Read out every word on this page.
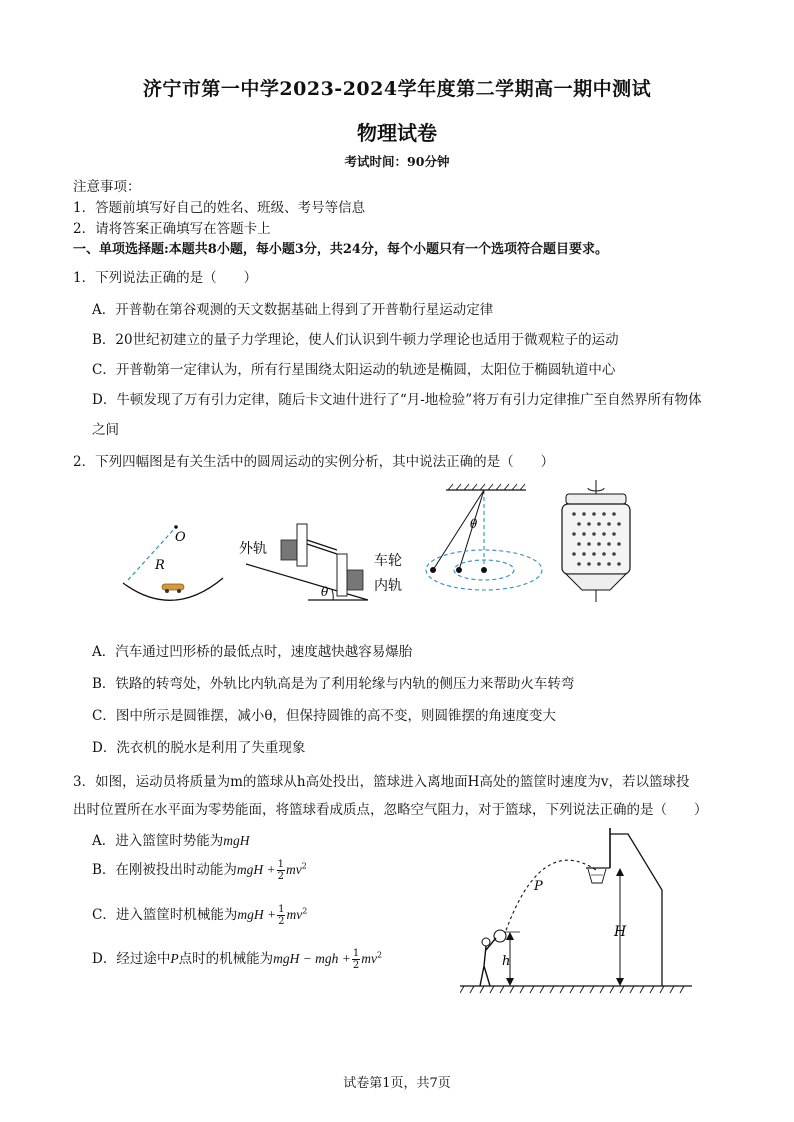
济宁市第一中学2023-2024学年度第二学期高一期中测试
物理试卷
考试时间：90分钟
注意事项：
1．答题前填写好自己的姓名、班级、考号等信息
2．请将答案正确填写在答题卡上
一、单项选择题:本题共8小题，每小题3分，共24分，每个小题只有一个选项符合题目要求。
1．下列说法正确的是（　　）
A．开普勒在第谷观测的天文数据基础上得到了开普勒行星运动定律
B．20世纪初建立的量子力学理论，使人们认识到牛顿力学理论也适用于微观粒子的运动
C．开普勒第一定律认为，所有行星围绕太阳运动的轨迹是椭圆，太阳位于椭圆轨道中心
D．牛顿发现了万有引力定律，随后卡文迪什进行了“月-地检验”将万有引力定律推广至自然界所有物体
之间
2．下列四幅图是有关生活中的圆周运动的实例分析，其中说法正确的是（　　）
O
R
θ
外轨
车轮
内轨
θ
A．汽车通过凹形桥的最低点时，速度越快越容易爆胎
B．铁路的转弯处，外轨比内轨高是为了利用轮缘与内轨的侧压力来帮助火车转弯
C．图中所示是圆锥摆，减小θ，但保持圆锥的高不变，则圆锥摆的角速度变大
D．洗衣机的脱水是利用了失重现象
3．如图，运动员将质量为m的篮球从h高处投出，篮球进入离地面H高处的篮筐时速度为v，若以篮球投
出时位置所在水平面为零势能面，将篮球看成质点，忽略空气阻力，对于篮球，下列说法正确的是（　　）
A．进入篮筐时势能为mgH
B．在刚被投出时动能为mgH + $\frac{1}{2} mv^2$
C．进入篮筐时机械能为mgH + $\frac{1}{2} mv^2$
D．经过途中P点时的机械能为mgH − mgh + $\frac{1}{2} mv^2$
H
P
h
试卷第1页，共7页
